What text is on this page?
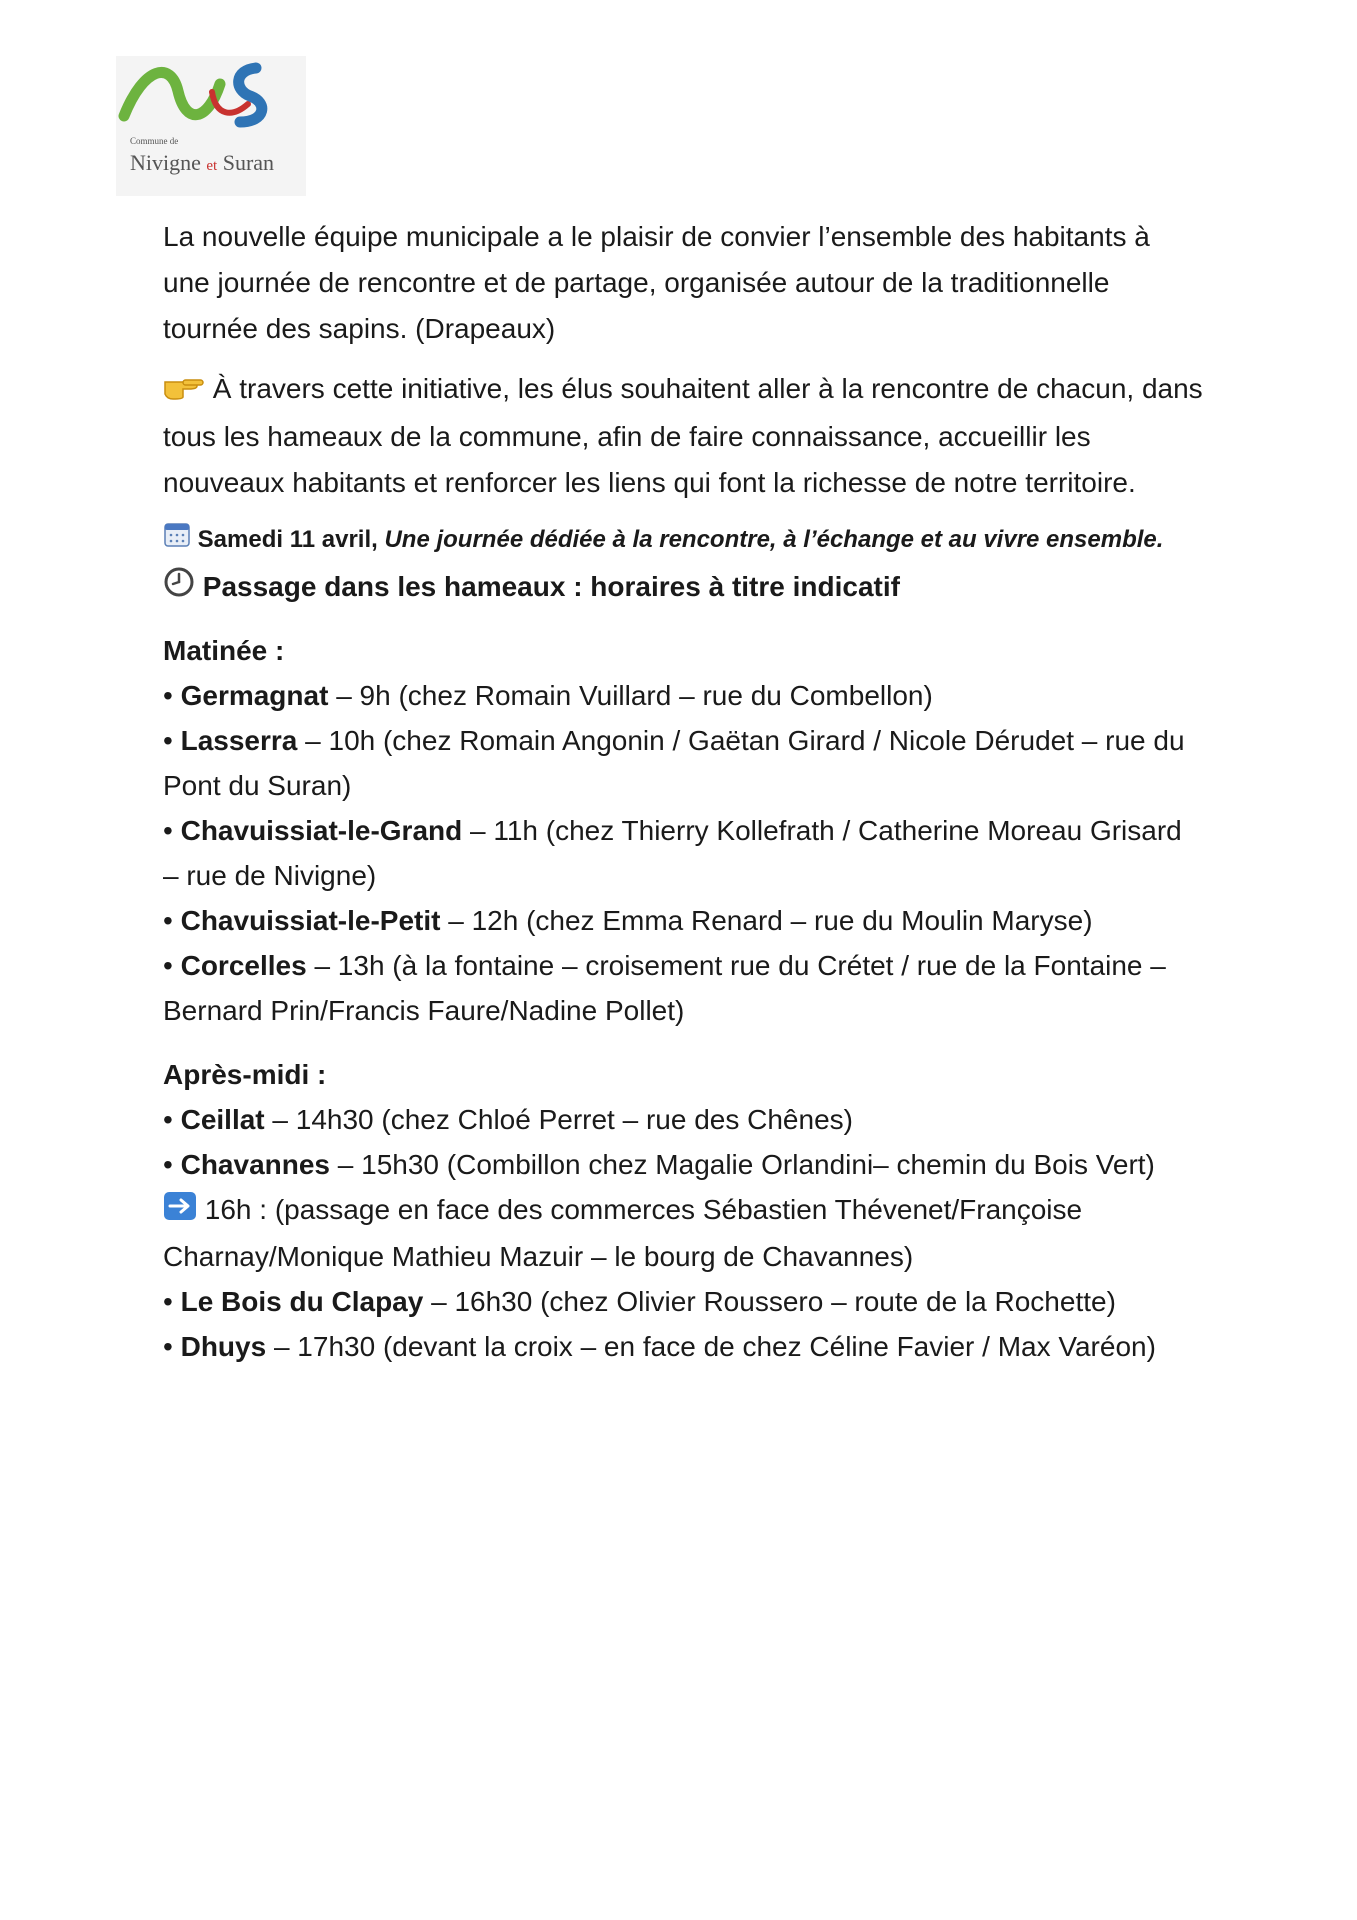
Commune de
Nivigne et Suran

La nouvelle équipe municipale a le plaisir de convier l’ensemble des habitants à une journée de rencontre et de partage, organisée autour de la traditionnelle tournée des sapins. (Drapeaux)

À travers cette initiative, les élus souhaitent aller à la rencontre de chacun, dans tous les hameaux de la commune, afin de faire connaissance, accueillir les nouveaux habitants et renforcer les liens qui font la richesse de notre territoire.

Samedi 11 avril, Une journée dédiée à la rencontre, à l’échange et au vivre ensemble.
Passage dans les hameaux : horaires à titre indicatif
Matinée :
• Germagnat – 9h (chez Romain Vuillard – rue du Combellon)
• Lasserra – 10h (chez Romain Angonin / Gaëtan Girard / Nicole Dérudet – rue du Pont du Suran)
• Chavuissiat-le-Grand – 11h (chez Thierry Kollefrath / Catherine Moreau Grisard – rue de Nivigne)
• Chavuissiat-le-Petit – 12h (chez Emma Renard – rue du Moulin Maryse)
• Corcelles – 13h (à la fontaine – croisement rue du Crétet / rue de la Fontaine – Bernard Prin/Francis Faure/Nadine Pollet)
Après-midi :
• Ceillat – 14h30 (chez Chloé Perret – rue des Chênes)
• Chavannes – 15h30 (Combillon chez Magalie Orlandini– chemin du Bois Vert)
16h : (passage en face des commerces Sébastien Thévenet/Françoise Charnay/Monique Mathieu Mazuir – le bourg de Chavannes)
• Le Bois du Clapay – 16h30 (chez Olivier Roussero – route de la Rochette)
• Dhuys – 17h30 (devant la croix – en face de chez Céline Favier / Max Varéon)
